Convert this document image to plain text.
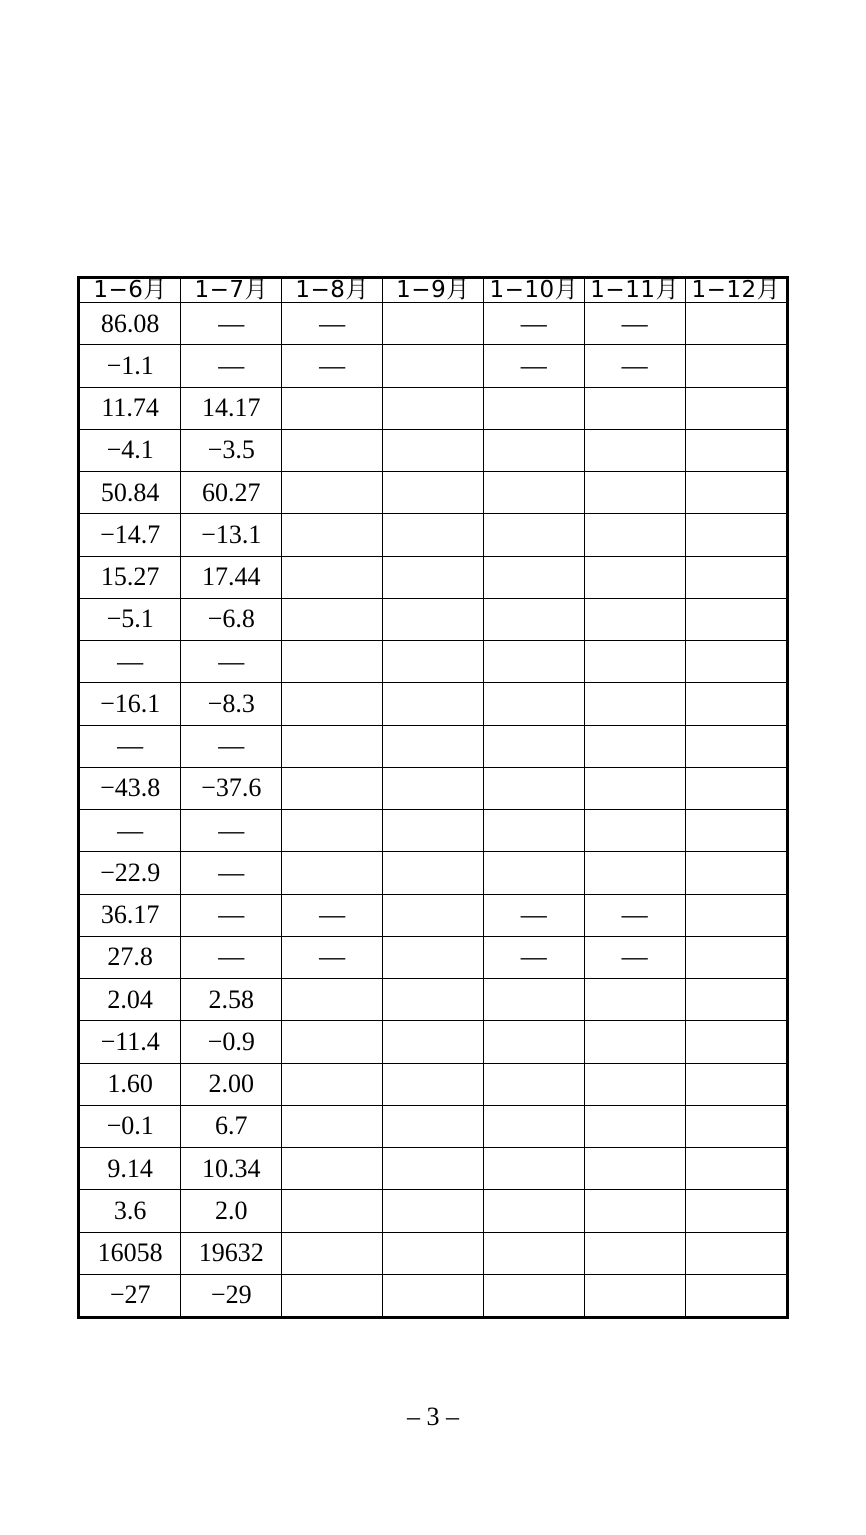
1−6月	1−7月	1−8月	1−9月	1−10月	1−11月	1−12月
86.08	—	—		—	—	
−1.1	—	—		—	—	
11.74	14.17					
−4.1	−3.5					
50.84	60.27					
−14.7	−13.1					
15.27	17.44					
−5.1	−6.8					
—	—					
−16.1	−8.3					
—	—					
−43.8	−37.6					
—	—					
−22.9	—					
36.17	—	—		—	—	
27.8	—	—		—	—	
2.04	2.58					
−11.4	−0.9					
1.60	2.00					
−0.1	6.7					
9.14	10.34					
3.6	2.0					
16058	19632					
−27	−29					
– 3 –
